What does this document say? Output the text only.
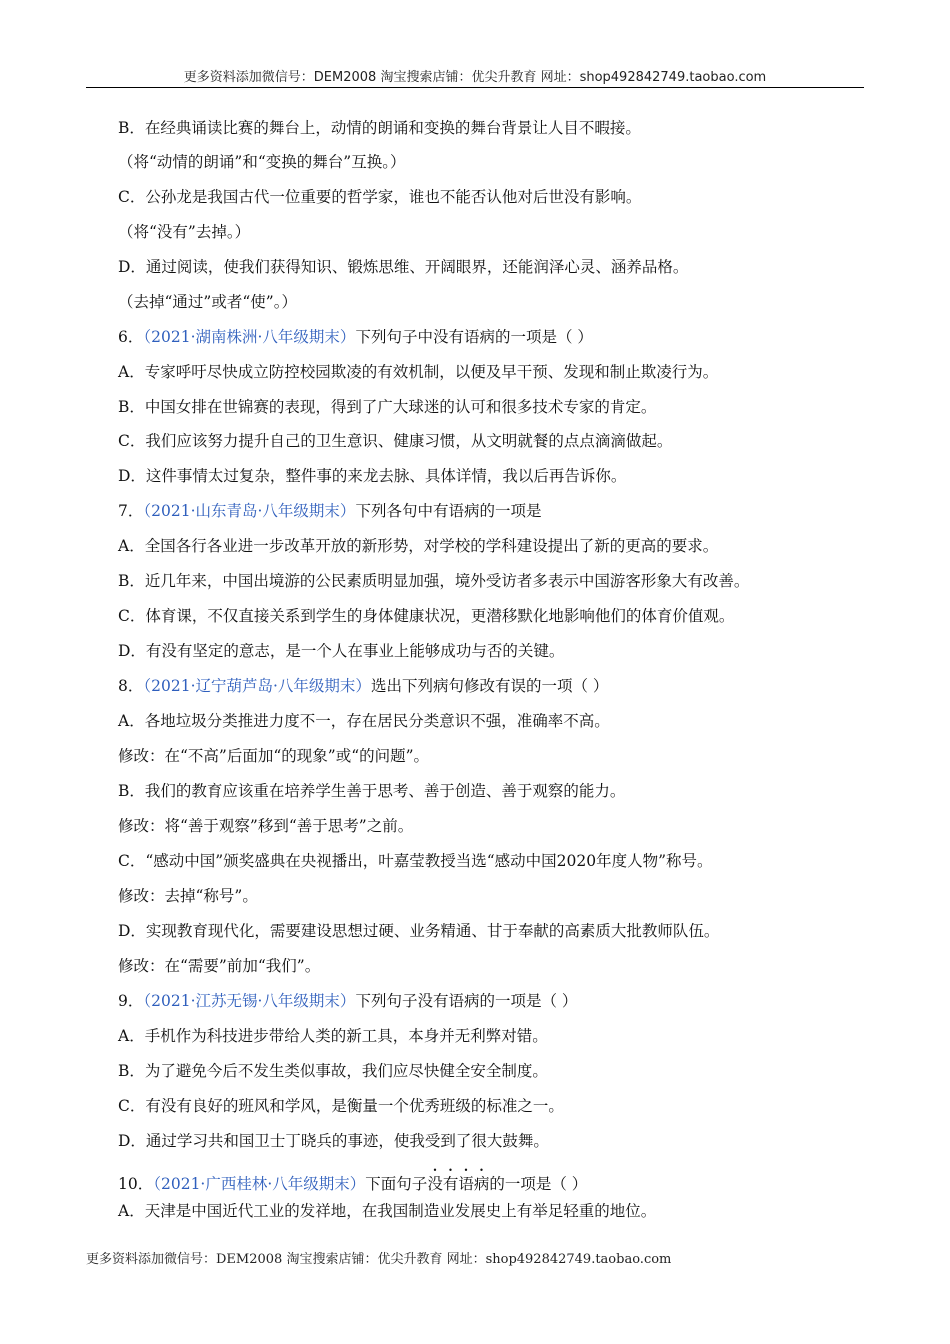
更多资料添加微信号：DEM2008 淘宝搜索店铺：优尖升教育 网址：shop492842749.taobao.com
B．在经典诵读比赛的舞台上，动情的朗诵和变换的舞台背景让人目不暇接。
（将“动情的朗诵”和“变换的舞台”互换。）
C．公孙龙是我国古代一位重要的哲学家，谁也不能否认他对后世没有影响。
（将“没有”去掉。）
D．通过阅读，使我们获得知识、锻炼思维、开阔眼界，还能润泽心灵、涵养品格。
（去掉“通过”或者“使”。）
6．（2021·湖南株洲·八年级期末）下列句子中没有语病的一项是（ ）
A．专家呼吁尽快成立防控校园欺凌的有效机制，以便及早干预、发现和制止欺凌行为。
B．中国女排在世锦赛的表现，得到了广大球迷的认可和很多技术专家的肯定。
C．我们应该努力提升自己的卫生意识、健康习惯，从文明就餐的点点滴滴做起。
D．这件事情太过复杂，整件事的来龙去脉、具体详情，我以后再告诉你。
7．（2021·山东青岛·八年级期末）下列各句中有语病的一项是
A．全国各行各业进一步改革开放的新形势，对学校的学科建设提出了新的更高的要求。
B．近几年来，中国出境游的公民素质明显加强，境外受访者多表示中国游客形象大有改善。
C．体育课，不仅直接关系到学生的身体健康状况，更潜移默化地影响他们的体育价值观。
D．有没有坚定的意志，是一个人在事业上能够成功与否的关键。
8．（2021·辽宁葫芦岛·八年级期末）选出下列病句修改有误的一项（ ）
A．各地垃圾分类推进力度不一，存在居民分类意识不强，准确率不高。
修改：在“不高”后面加“的现象”或“的问题”。
B．我们的教育应该重在培养学生善于思考、善于创造、善于观察的能力。
修改：将“善于观察”移到“善于思考”之前。
C．“感动中国”颁奖盛典在央视播出，叶嘉莹教授当选“感动中国2020年度人物”称号。
修改：去掉“称号”。
D．实现教育现代化，需要建设思想过硬、业务精通、甘于奉献的高素质大批教师队伍。
修改：在“需要”前加“我们”。
9．（2021·江苏无锡·八年级期末）下列句子没有语病的一项是（ ）
A．手机作为科技进步带给人类的新工具，本身并无利弊对错。
B．为了避免今后不发生类似事故，我们应尽快健全安全制度。
C．有没有良好的班风和学风，是衡量一个优秀班级的标准之一。
D．通过学习共和国卫士丁晓兵的事迹，使我受到了很大鼓舞。
10．（2021·广西桂林·八年级期末）下面句子没有语病的一项是（ ）
A．天津是中国近代工业的发祥地，在我国制造业发展史上有举足轻重的地位。
更多资料添加微信号：DEM2008 淘宝搜索店铺：优尖升教育 网址：shop492842749.taobao.com
